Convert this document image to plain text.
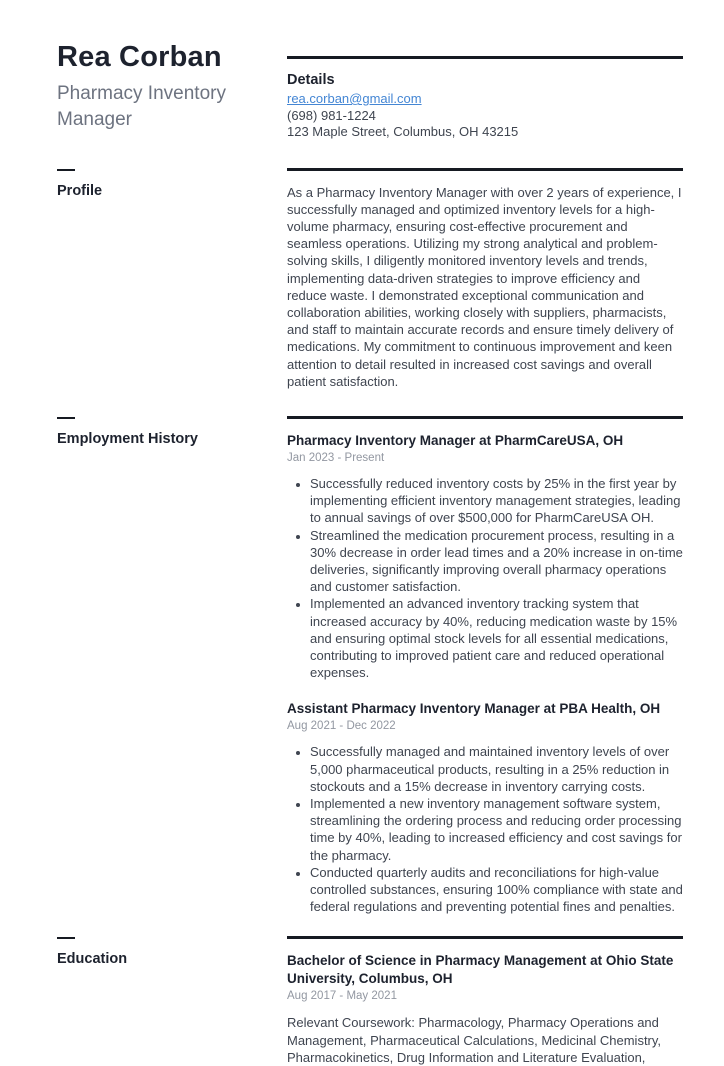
Rea Corban
Pharmacy Inventory Manager
Details
rea.corban@gmail.com
(698) 981-1224
123 Maple Street, Columbus, OH 43215
Profile	As a Pharmacy Inventory Manager with over 2 years of experience, I successfully managed and optimized inventory levels for a high-volume pharmacy, ensuring cost-effective procurement and seamless operations. Utilizing my strong analytical and problem-solving skills, I diligently monitored inventory levels and trends, implementing data-driven strategies to improve efficiency and reduce waste. I demonstrated exceptional communication and collaboration abilities, working closely with suppliers, pharmacists, and staff to maintain accurate records and ensure timely delivery of medications. My commitment to continuous improvement and keen attention to detail resulted in increased cost savings and overall patient satisfaction.

Employment History	Pharmacy Inventory Manager at PharmCareUSA, OH
Jan 2023 - Present
• Successfully reduced inventory costs by 25% in the first year by implementing efficient inventory management strategies, leading to annual savings of over $500,000 for PharmCareUSA OH.
• Streamlined the medication procurement process, resulting in a 30% decrease in order lead times and a 20% increase in on-time deliveries, significantly improving overall pharmacy operations and customer satisfaction.
• Implemented an advanced inventory tracking system that increased accuracy by 40%, reducing medication waste by 15% and ensuring optimal stock levels for all essential medications, contributing to improved patient care and reduced operational expenses.
Assistant Pharmacy Inventory Manager at PBA Health, OH
Aug 2021 - Dec 2022
• Successfully managed and maintained inventory levels of over 5,000 pharmaceutical products, resulting in a 25% reduction in stockouts and a 15% decrease in inventory carrying costs.
• Implemented a new inventory management software system, streamlining the ordering process and reducing order processing time by 40%, leading to increased efficiency and cost savings for the pharmacy.
• Conducted quarterly audits and reconciliations for high-value controlled substances, ensuring 100% compliance with state and federal regulations and preventing potential fines and penalties.
Education	Bachelor of Science in Pharmacy Management at Ohio State University, Columbus, OH
Aug 2017 - May 2021

Relevant Coursework: Pharmacology, Pharmacy Operations and Management, Pharmaceutical Calculations, Medicinal Chemistry, Pharmacokinetics, Drug Information and Literature Evaluation,
